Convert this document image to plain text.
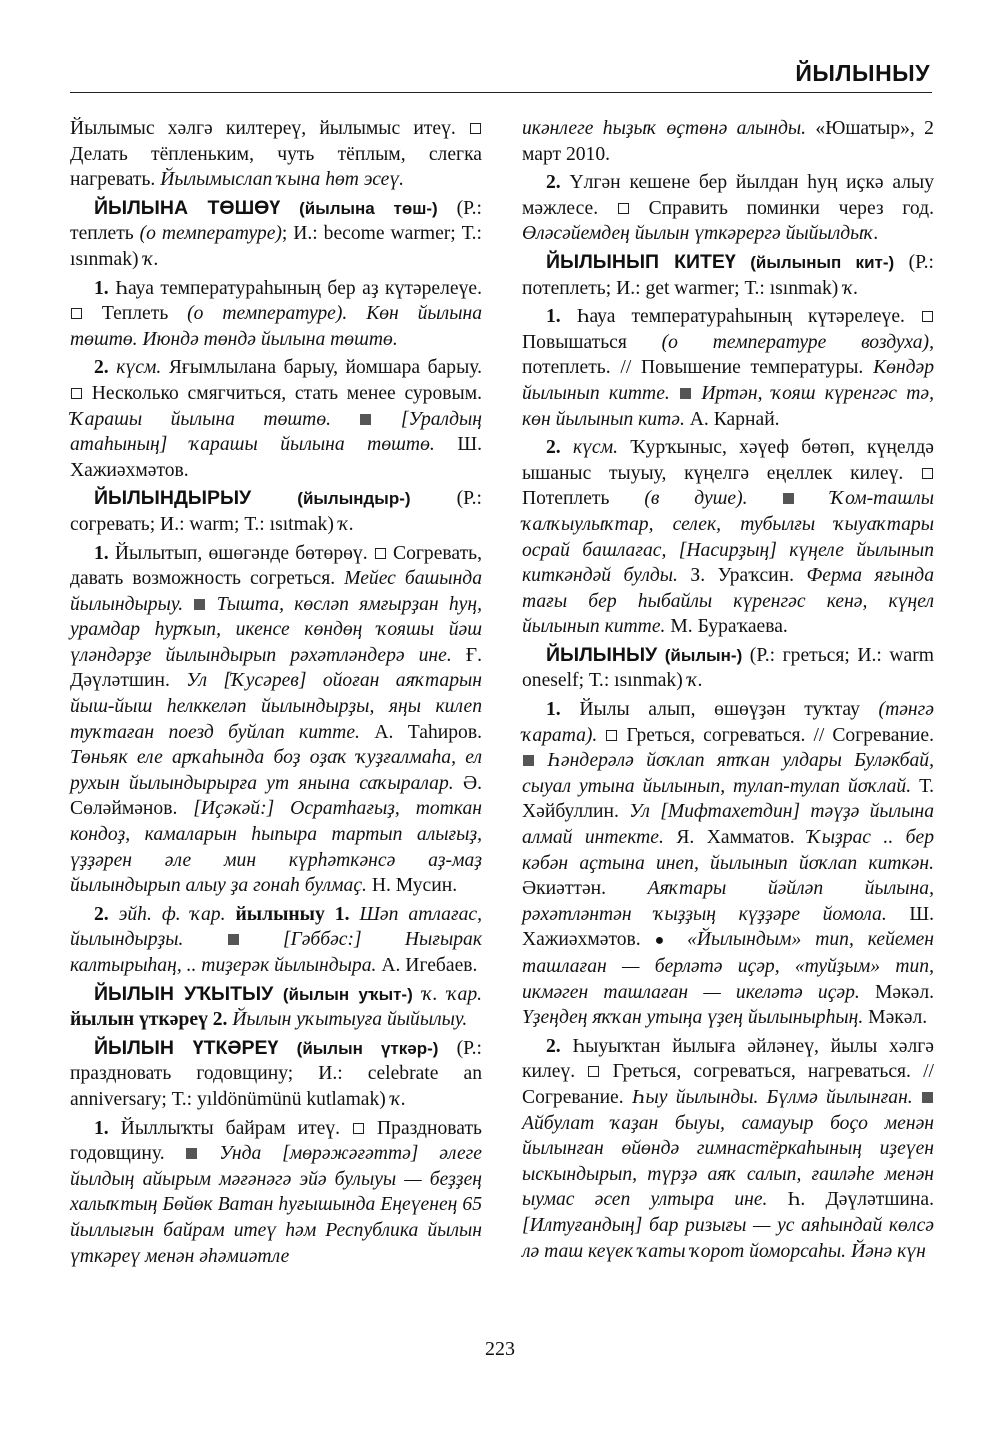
ЙЫЛЫНЫУ

Йылымыс хәлгә килтереү, йылымыс итеү.  Делать тёпленьким, чуть тёплым, слегка нагревать. Йылымыслап ҡына һөт эсеү.

ЙЫЛЫНА ТӨШӨҮ (йылына төш-) (Р.: теплеть (о температуре); И.: become warmer; Т.: ısınmak) ҡ.

1. Һауа температураһының бер аҙ күтәрелеүе.  Теплеть (о температуре). Көн йылына төштө. Июндә төндә йылына төштө.

2. күсм. Яғымлылана барыу, йомшара барыу.  Несколько смягчиться, стать менее суровым. Ҡарашы йылына төштө.	[Уралдың атаһының] ҡарашы йылына төштө. Ш. Хажиәхмәтов.

ЙЫЛЫНДЫРЫУ	(йылындыр-) (Р.: согревать; И.: warm; Т.: ısıtmak) ҡ.

1. Йылытып, өшөгәнде бөтөрөү. Согревать, давать возможность согреться. Мейес башында йылындырыу. Тышта, көсләп ямғырҙан һуң, урамдар һурҡып, икенсе көндөң ҡояшы йәш үләндәрҙе йылындырып рәхәтләндерә ине. Ғ. Дәүләтшин. Ул [Ҡусәрев] ойоған аяҡтарын йыш-йыш һелккеләп йылындырҙы, яңы килеп туҡтаған поезд буйлап китте. А. Таһиров. Төньяк еле арҡаһында боҙ оҙаҡ ҡуҙғалмаһа, ел рухын йылындырырға ут янына саҡыралар. Ә. Сөләймәнов. [Иҫәкәй:] Осратһағыҙ, тоткан кондоҙ, камаларын һыпыра тартып алығыҙ, үҙҙәрен әле мин күрһәткәнсә аҙ-маҙ йылындырып алыу ҙа гонаһ булмаҫ. Н. Мусин.

2. эйһ. ф. ҡар. йылыныу 1. Шәп атлағас, йылындырҙы.	[Гәббәс:] Нығырак калтырыһаң, .. тиҙерәк йылындыра. А. Игебаев.

ЙЫЛЫН УҠЫТЫУ (йылын уҡыт-) ҡ. ҡар. йылын үткәреү 2. Йылын уҡытыуға йыйылыу.

ЙЫЛЫН ҮТКӘРЕҮ (йылын үткәр-) (Р.: праздновать годовщину; И.: celebrate an anniversary; Т.: yıldönümünü kutlamak) ҡ.

1. Йыллыҡты байрам итеү. Праздновать годовщину.	Унда [мөрәжәғәттә] әлеге йылдың айырым мәғәнәгә эйә булыуы — беҙҙең халыҡтың Бөйөк Ватан һуғышында Еңеүенең 65 йыллығын байрам итеү һәм Республика йылын үткәреү менән әһәмиәтле

икәнлеге һыҙыҡ өҫтөнә алынды. «Юшатыр», 2 март 2010.

2. Үлгән кешене бер йылдан һуң иҫкә алыу мәжлесе.	Справить поминки через год. Өләсәйемдең йылын үткәрергә йыйылдыҡ.

ЙЫЛЫНЫП КИТЕҮ (йылынып кит-) (Р.: потеплеть; И.: get warmer; Т.: ısınmak) ҡ.

1. Һауа температураһының күтәрелеүе.  Повышаться (о температуре воздуха), потеплеть. // Повышение температуры. Көндәр йылынып китте. Иртән, ҡояш күренгәс тә, көн йылынып китә. А. Карнай.

2. күсм. Ҡурҡыныс, хәүеф бөтөп, күңелдә ышаныс тыуыу, күңелгә еңеллек килеү.  Потеплеть (в душе).	Ҡом-ташлы ҡалҡыулыҡтар, селек, тубылғы ҡыуаҡтары осрай башлағас, [Насирҙың] күңеле йылынып киткәндәй булды. З. Ураҡсин. Ферма яғында тағы бер һыбайлы күренгәс кенә, күңел йылынып китте. М. Бураҡаева.

ЙЫЛЫНЫУ (йылын-) (Р.: греться; И.: warm oneself; Т.: ısınmak) ҡ.

1. Йылы алып, өшөүҙән туҡтау (тәнгә ҡарата). Греться, согреваться. // Согревание.  Һәндерәлә йоҡлап ятҡан улдары Буләкбай, сыуал утына йылынып, тулап-тулап йоҡлай. Т. Хәйбуллин. Ул [Мифтахетдин] тәүҙә йылына алмай интекте. Я. Хамматов. Ҡыҙрас .. бер кәбән аҫтына инеп, йылынып йоҡлап киткән. Әкиәттән. Аяҡтары йәйләп йылына, рәхәтләнтән ҡыҙҙың күҙҙәре йомола. Ш. Хажиәхмәтов. ● «Йылындым» тип, кейемен ташлаған — берләтә иҫәр, «туйҙым» тип, икмәген ташлаған — икеләтә иҫәр. Мәкәл. Үҙеңдең яҡҡан утыңа үҙең йылынырһың. Мәкәл.

2. Һыуыҡтан йылыға әйләнеү, йылы хәлгә килеү. Греться, согреваться, нагреваться. // Согревание. Һыу йылынды. Бүлмә йылынған.  Айбулат ҡаҙан быуы, самауыр боҫо менән йылынған өйөндә гимнастёркаһының иҙеүен ыскындырып, түрҙә аяҡ салып, ғаиләһе менән ыумас әсеп ултыра ине. Һ. Дәүләтшина. [Илтуғандың] бар ризығы — ус аяһындай көлсә лә таш кеүек ҡаты ҡорот йоморсаһы. Йәнә күн

223
